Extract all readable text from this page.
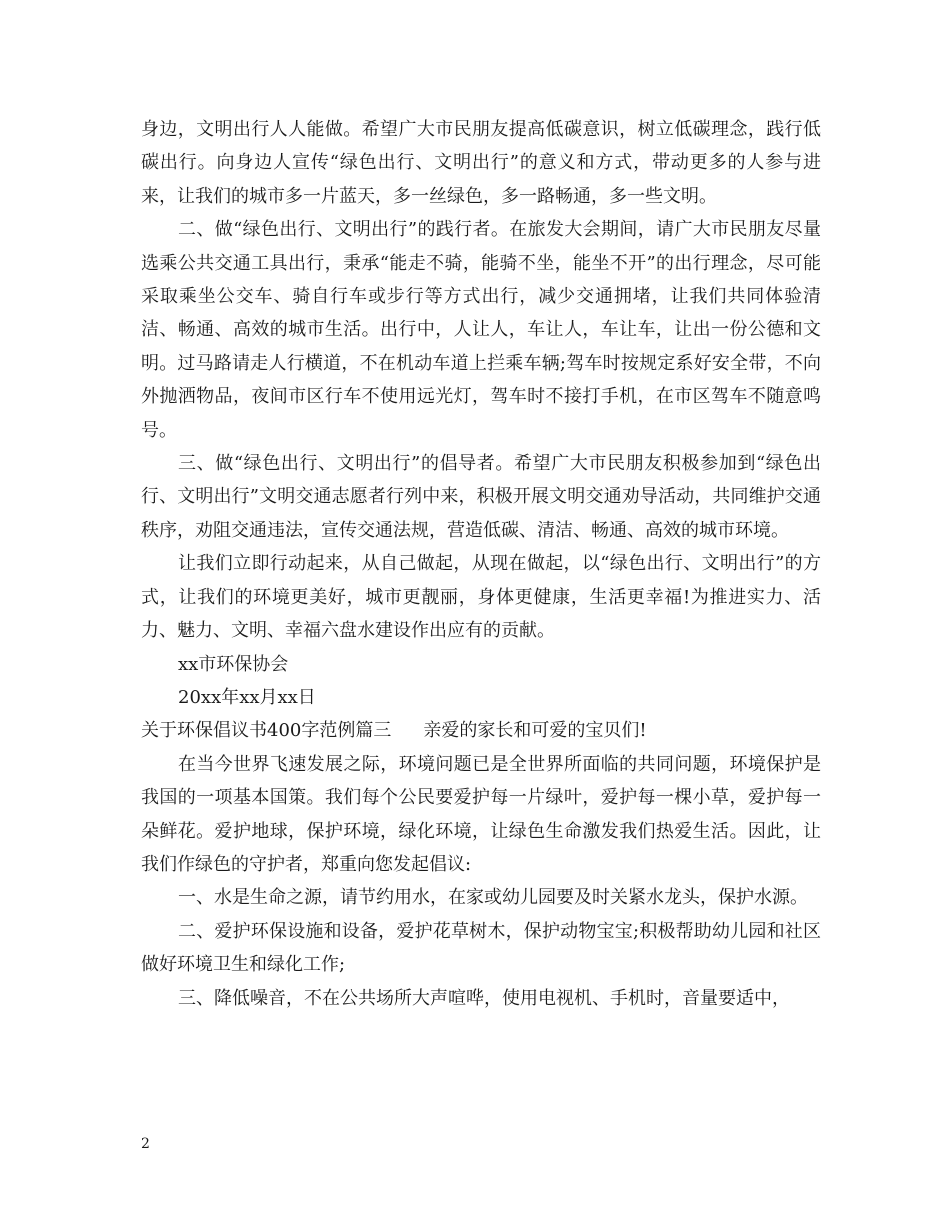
身边，文明出行人人能做。希望广大市民朋友提高低碳意识，树立低碳理念，践行低碳出行。向身边人宣传“绿色出行、文明出行”的意义和方式，带动更多的人参与进来，让我们的城市多一片蓝天，多一丝绿色，多一路畅通，多一些文明。

二、做“绿色出行、文明出行”的践行者。在旅发大会期间，请广大市民朋友尽量选乘公共交通工具出行，秉承“能走不骑，能骑不坐，能坐不开”的出行理念，尽可能采取乘坐公交车、骑自行车或步行等方式出行，减少交通拥堵，让我们共同体验清洁、畅通、高效的城市生活。出行中，人让人，车让人，车让车，让出一份公德和文明。过马路请走人行横道，不在机动车道上拦乘车辆;驾车时按规定系好安全带，不向外抛洒物品，夜间市区行车不使用远光灯，驾车时不接打手机，在市区驾车不随意鸣号。

三、做“绿色出行、文明出行”的倡导者。希望广大市民朋友积极参加到“绿色出行、文明出行”文明交通志愿者行列中来，积极开展文明交通劝导活动，共同维护交通秩序，劝阻交通违法，宣传交通法规，营造低碳、清洁、畅通、高效的城市环境。

让我们立即行动起来，从自己做起，从现在做起，以“绿色出行、文明出行”的方式，让我们的环境更美好，城市更靓丽，身体更健康，生活更幸福!为推进实力、活力、魅力、文明、幸福六盘水建设作出应有的贡献。

xx市环保协会

20xx年xx月xx日

关于环保倡议书400字范例篇三 亲爱的家长和可爱的宝贝们!

在当今世界飞速发展之际，环境问题已是全世界所面临的共同问题，环境保护是我国的一项基本国策。我们每个公民要爱护每一片绿叶，爱护每一棵小草，爱护每一朵鲜花。爱护地球，保护环境，绿化环境，让绿色生命激发我们热爱生活。因此，让我们作绿色的守护者，郑重向您发起倡议:

一、水是生命之源，请节约用水，在家或幼儿园要及时关紧水龙头，保护水源。

二、爱护环保设施和设备，爱护花草树木，保护动物宝宝;积极帮助幼儿园和社区做好环境卫生和绿化工作;

三、降低噪音，不在公共场所大声喧哗，使用电视机、手机时，音量要适中，

2
